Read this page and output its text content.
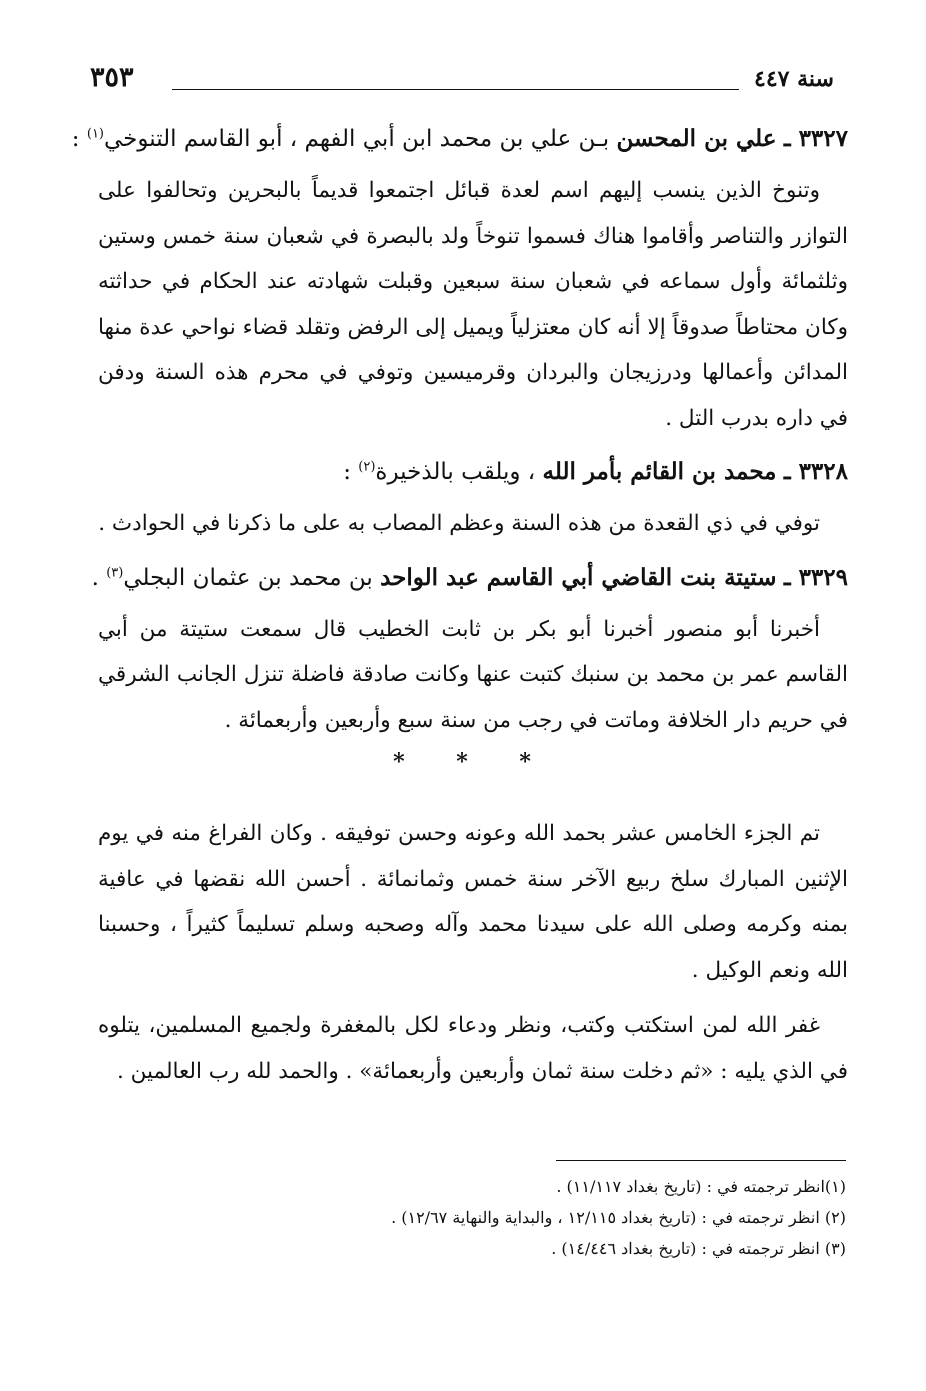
سنة ٤٤٧
٣٥٣
٣٣٢٧ ـ علي بن المحسن بـن علي بن محمد ابن أبي الفهم ، أبو القاسم التنوخي$^{(١)}$ :

وتنوخ الذين ينسب إليهم اسم لعدة قبائل اجتمعوا قديماً بالبحرين وتحالفوا على التوازر والتناصر وأقاموا هناك فسموا تنوخاً ولد بالبصرة في شعبان سنة خمس وستين وثلثمائة وأول سماعه في شعبان سنة سبعين وقبلت شهادته عند الحكام في حداثته وكان محتاطاً صدوقاً إلا أنه كان معتزلياً ويميل إلى الرفض وتقلد قضاء نواحي عدة منها المدائن وأعمالها ودرزيجان والبردان وقرميسين وتوفي في محرم هذه السنة ودفن في داره بدرب التل .

٣٣٢٨ ـ محمد بن القائم بأمر الله ، ويلقب بالذخيرة$^{(٢)}$ :

توفي في ذي القعدة من هذه السنة وعظم المصاب به على ما ذكرنا في الحوادث .

٣٣٢٩ ـ ستيتة بنت القاضي أبي القاسم عبد الواحد بن محمد بن عثمان البجلي$^{(٣)}$ .

أخبرنا أبو منصور أخبرنا أبو بكر بن ثابت الخطيب قال سمعت ستيتة من أبي القاسم عمر بن محمد بن سنبك كتبت عنها وكانت صادقة فاضلة تنزل الجانب الشرقي في حريم دار الخلافة وماتت في رجب من سنة سبع وأربعين وأربعمائة .

* * *

تم الجزء الخامس عشر بحمد الله وعونه وحسن توفيقه . وكان الفراغ منه في يوم الإثنين المبارك سلخ ربيع الآخر سنة خمس وثمانمائة . أحسن الله نقضها في عافية بمنه وكرمه وصلى الله على سيدنا محمد وآله وصحبه وسلم تسليماً كثيراً ، وحسبنا الله ونعم الوكيل .

غفر الله لمن استكتب وكتب، ونظر ودعاء لكل بالمغفرة ولجميع المسلمين، يتلوه في الذي يليه : «ثم دخلت سنة ثمان وأربعين وأربعمائة» . والحمد لله رب العالمين .

(١)انظر ترجمته في : (تاريخ بغداد ١١/١١٧) .
(٢) انظر ترجمته في : (تاريخ بغداد ١٢/١١٥ ، والبداية والنهاية ١٢/٦٧) .
(٣) انظر ترجمته في : (تاريخ بغداد ١٤/٤٤٦) .
